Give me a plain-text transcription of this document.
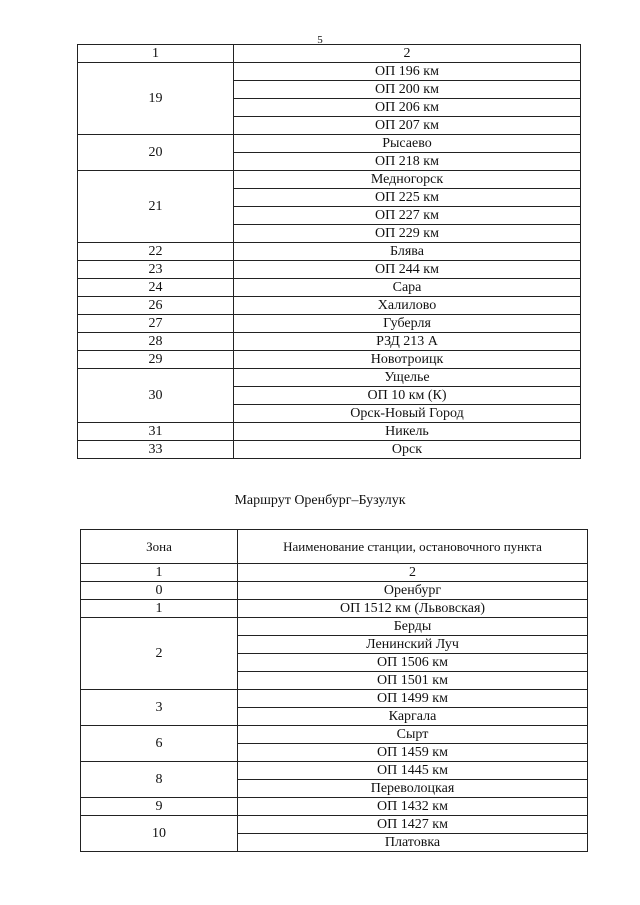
5
1	2
19	ОП 196 км
	ОП 200 км
	ОП 206 км
	ОП 207 км
20	Рысаево
	ОП 218 км
21	Медногорск
	ОП 225 км
	ОП 227 км
	ОП 229 км
22	Блява
23	ОП 244 км
24	Сара
26	Халилово
27	Губерля
28	РЗД 213 А
29	Новотроицк
30	Ущелье
	ОП 10 км (К)
	Орск-Новый Город
31	Никель
33	Орск
Маршрут Оренбург–Бузулук
Зона	Наименование станции, остановочного пункта
1	2
0	Оренбург
1	ОП 1512 км (Львовская)
2	Берды
	Ленинский Луч
	ОП 1506 км
	ОП 1501 км
3	ОП 1499 км
	Каргала
6	Сырт
	ОП 1459 км
8	ОП 1445 км
	Переволоцкая
9	ОП 1432 км
10	ОП 1427 км
	Платовка
